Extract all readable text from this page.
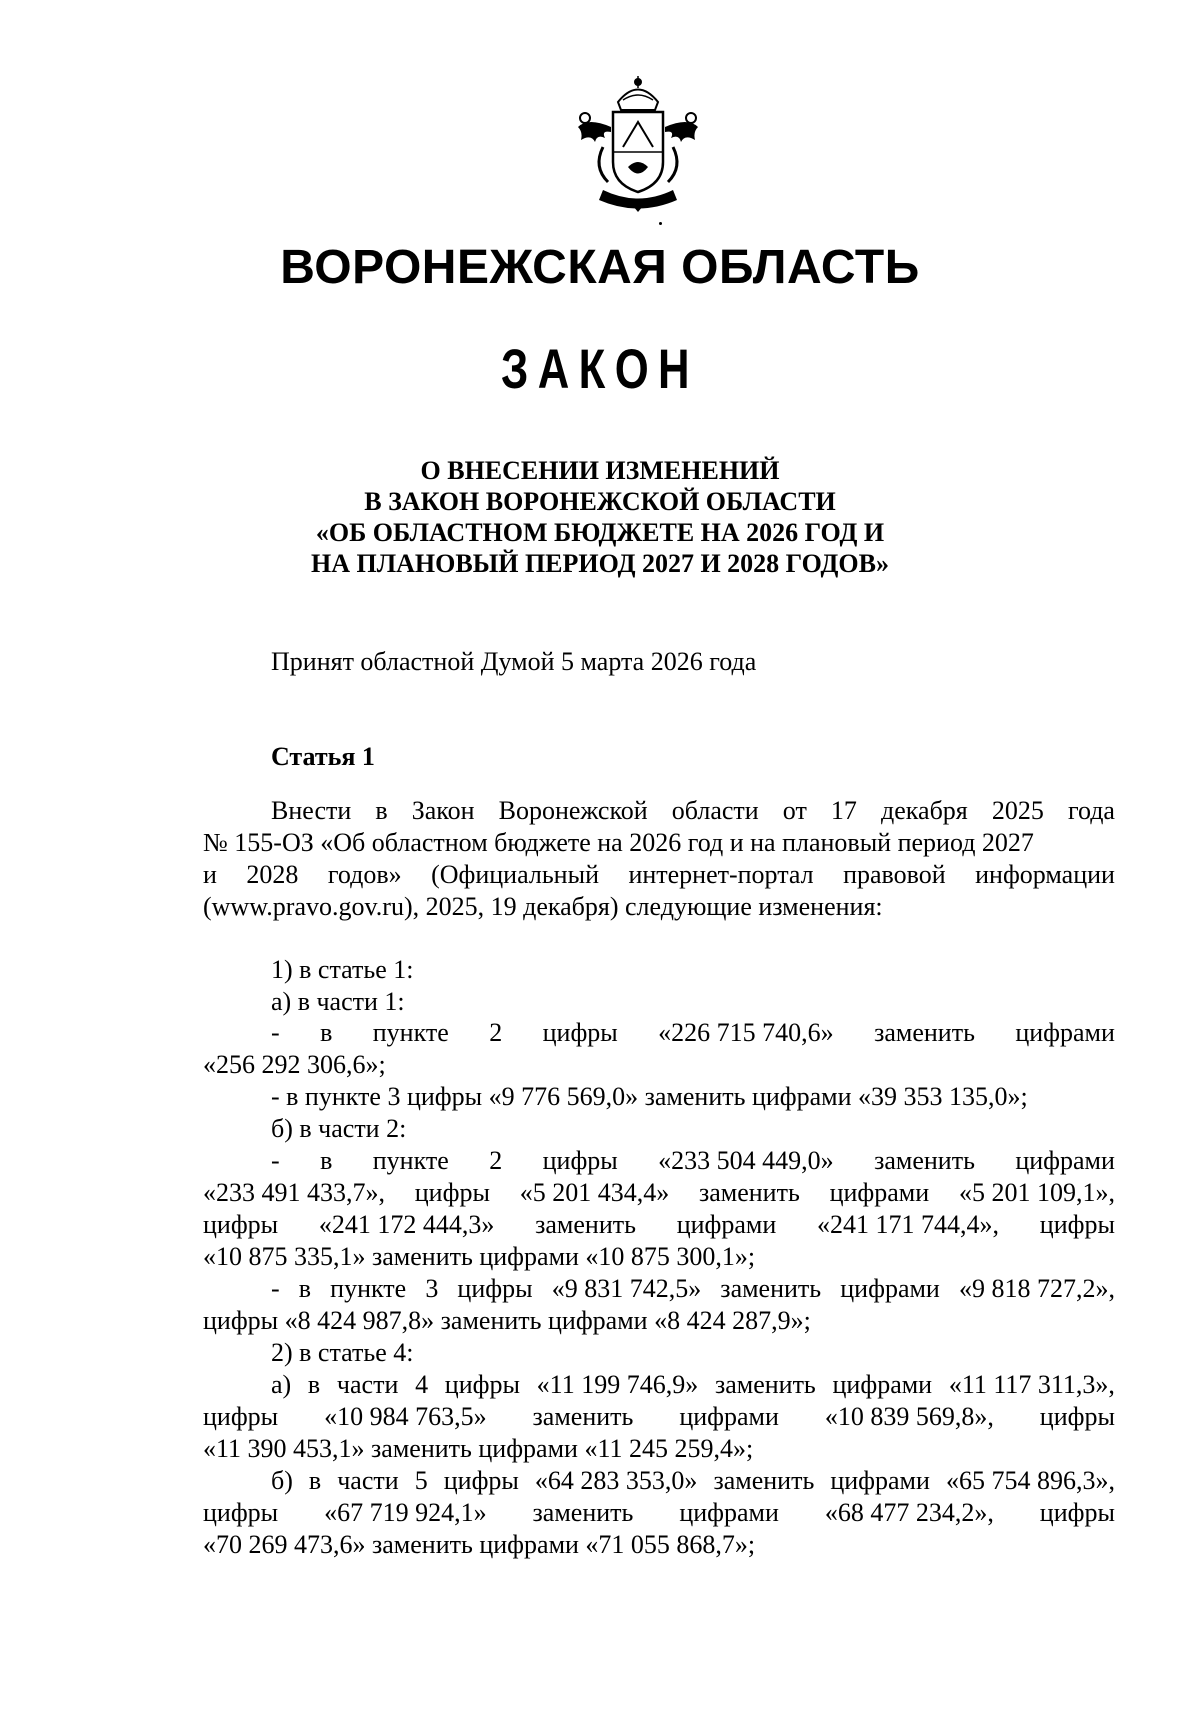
ВОРОНЕЖСКАЯ ОБЛАСТЬ
ЗАКОН
О ВНЕСЕНИИ ИЗМЕНЕНИЙ
В ЗАКОН ВОРОНЕЖСКОЙ ОБЛАСТИ
«ОБ ОБЛАСТНОМ БЮДЖЕТЕ НА 2026 ГОД И
НА ПЛАНОВЫЙ ПЕРИОД 2027 И 2028 ГОДОВ»
Принят областной Думой 5 марта 2026 года
Статья 1
Внести в Закон Воронежской области от 17 декабря 2025 года
№ 155-ОЗ «Об областном бюджете на 2026 год и на плановый период 2027
и 2028 годов» (Официальный интернет-портал правовой информации
(www.pravo.gov.ru), 2025, 19 декабря) следующие изменения:
1) в статье 1:
а) в части 1:
- в пункте 2 цифры «226 715 740,6» заменить цифрами
«256 292 306,6»;
- в пункте 3 цифры «9 776 569,0» заменить цифрами «39 353 135,0»;
б) в части 2:
- в пункте 2 цифры «233 504 449,0» заменить цифрами
«233 491 433,7», цифры «5 201 434,4» заменить цифрами «5 201 109,1»,
цифры «241 172 444,3» заменить цифрами «241 171 744,4», цифры
«10 875 335,1» заменить цифрами «10 875 300,1»;
- в пункте 3 цифры «9 831 742,5» заменить цифрами «9 818 727,2»,
цифры «8 424 987,8» заменить цифрами «8 424 287,9»;
2) в статье 4:
а) в части 4 цифры «11 199 746,9» заменить цифрами «11 117 311,3»,
цифры «10 984 763,5» заменить цифрами «10 839 569,8», цифры
«11 390 453,1» заменить цифрами «11 245 259,4»;
б) в части 5 цифры «64 283 353,0» заменить цифрами «65 754 896,3»,
цифры «67 719 924,1» заменить цифрами «68 477 234,2», цифры
«70 269 473,6» заменить цифрами «71 055 868,7»;
